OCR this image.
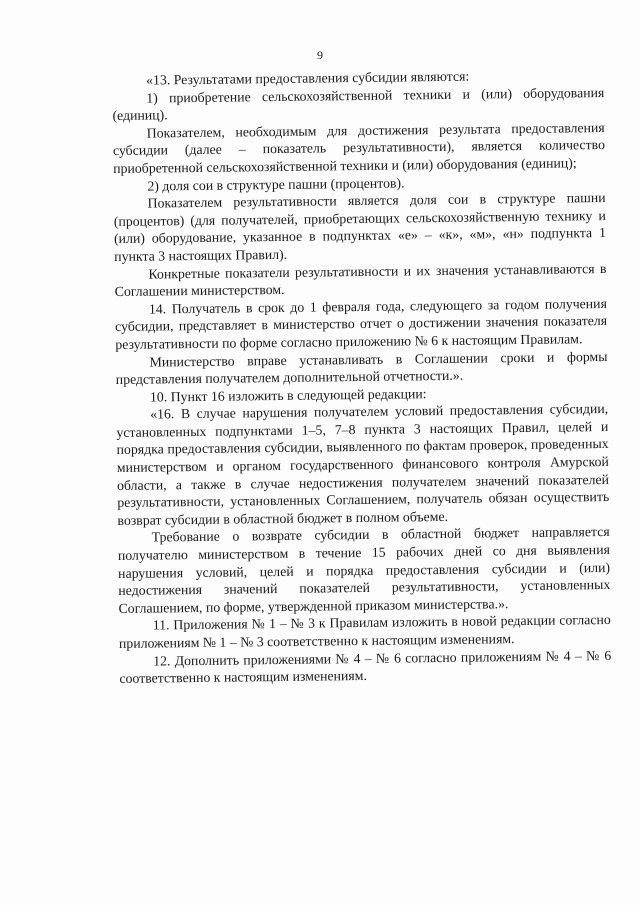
9

«13. Результатами предоставления субсидии являются:

1) приобретение сельскохозяйственной техники и (или) оборудования (единиц).

Показателем, необходимым для достижения результата предоставления субсидии (далее – показатель результативности), является количество приобретенной сельскохозяйственной техники и (или) оборудования (единиц);

2) доля сои в структуре пашни (процентов).

Показателем результативности является доля сои в структуре пашни (процентов) (для получателей, приобретающих сельскохозяйственную технику и (или) оборудование, указанное в подпунктах «е» – «к», «м», «н» подпункта 1 пункта 3 настоящих Правил).

Конкретные показатели результативности и их значения устанавливаются в Соглашении министерством.

14. Получатель в срок до 1 февраля года, следующего за годом получения субсидии, представляет в министерство отчет о достижении значения показателя результативности по форме согласно приложению № 6 к настоящим Правилам.

Министерство вправе устанавливать в Соглашении сроки и формы представления получателем дополнительной отчетности.».

10. Пункт 16 изложить в следующей редакции:

«16. В случае нарушения получателем условий предоставления субсидии, установленных подпунктами 1–5, 7–8 пункта 3 настоящих Правил, целей и порядка предоставления субсидии, выявленного по фактам проверок, проведенных министерством и органом государственного финансового контроля Амурской области, а также в случае недостижения получателем значений показателей результативности, установленных Соглашением, получатель обязан осуществить возврат субсидии в областной бюджет в полном объеме.

Требование о возврате субсидии в областной бюджет направляется получателю министерством в течение 15 рабочих дней со дня выявления нарушения условий, целей и порядка предоставления субсидии и (или) недостижения значений показателей результативности, установленных Соглашением, по форме, утвержденной приказом министерства.».

11. Приложения № 1 – № 3 к Правилам изложить в новой редакции согласно приложениям № 1 – № 3 соответственно к настоящим изменениям.

12. Дополнить приложениями № 4 – № 6 согласно приложениям № 4 – № 6 соответственно к настоящим изменениям.
